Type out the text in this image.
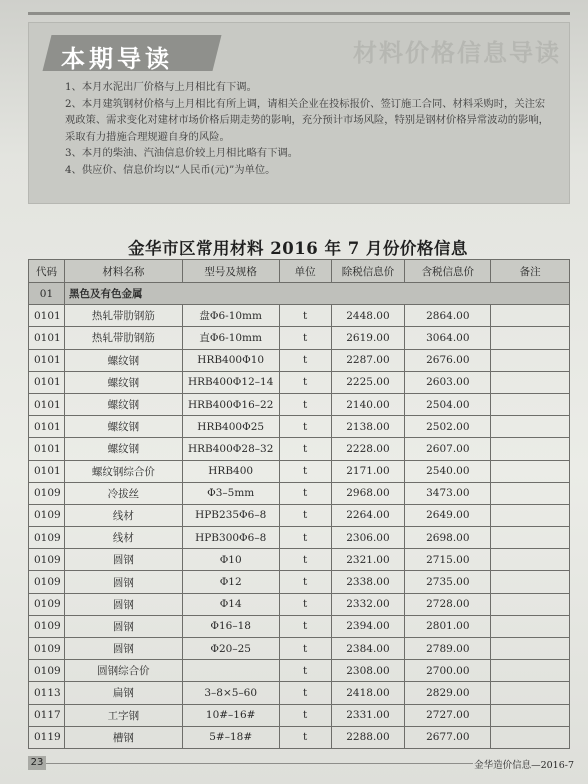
材料价格信息导读
本期导读
1、本月水泥出厂价格与上月相比有下调。
2、本月建筑钢材价格与上月相比有所上调，请相关企业在投标报价、签订施工合同、材料采购时，关注宏观政策、需求变化对建材市场价格后期走势的影响，充分预计市场风险，特别是钢材价格异常波动的影响，采取有力措施合理规避自身的风险。
3、本月的柴油、汽油信息价较上月相比略有下调。
4、供应价、信息价均以“人民币(元)”为单位。
金华市区常用材料 2016 年 7 月份价格信息
代码	材料名称	型号及规格	单位	除税信息价	含税信息价	备注
01	黑色及有色金属					
0101	热轧带肋钢筋	盘Φ6-10mm	t	2448.00	2864.00	
0101	热轧带肋钢筋	直Φ6-10mm	t	2619.00	3064.00	
0101	螺纹钢	HRB400Φ10	t	2287.00	2676.00	
0101	螺纹钢	HRB400Φ12–14	t	2225.00	2603.00	
0101	螺纹钢	HRB400Φ16–22	t	2140.00	2504.00	
0101	螺纹钢	HRB400Φ25	t	2138.00	2502.00	
0101	螺纹钢	HRB400Φ28–32	t	2228.00	2607.00	
0101	螺纹钢综合价	HRB400	t	2171.00	2540.00	
0109	冷拔丝	Φ3–5mm	t	2968.00	3473.00	
0109	线材	HPB235Φ6–8	t	2264.00	2649.00	
0109	线材	HPB300Φ6–8	t	2306.00	2698.00	
0109	圆钢	Φ10	t	2321.00	2715.00	
0109	圆钢	Φ12	t	2338.00	2735.00	
0109	圆钢	Φ14	t	2332.00	2728.00	
0109	圆钢	Φ16–18	t	2394.00	2801.00	
0109	圆钢	Φ20–25	t	2384.00	2789.00	
0109	圆钢综合价		t	2308.00	2700.00	
0113	扁钢	3–8×5–60	t	2418.00	2829.00	
0117	工字钢	10#–16#	t	2331.00	2727.00	
0119	槽钢	5#–18#	t	2288.00	2677.00	
23	金华造价信息—2016-7
